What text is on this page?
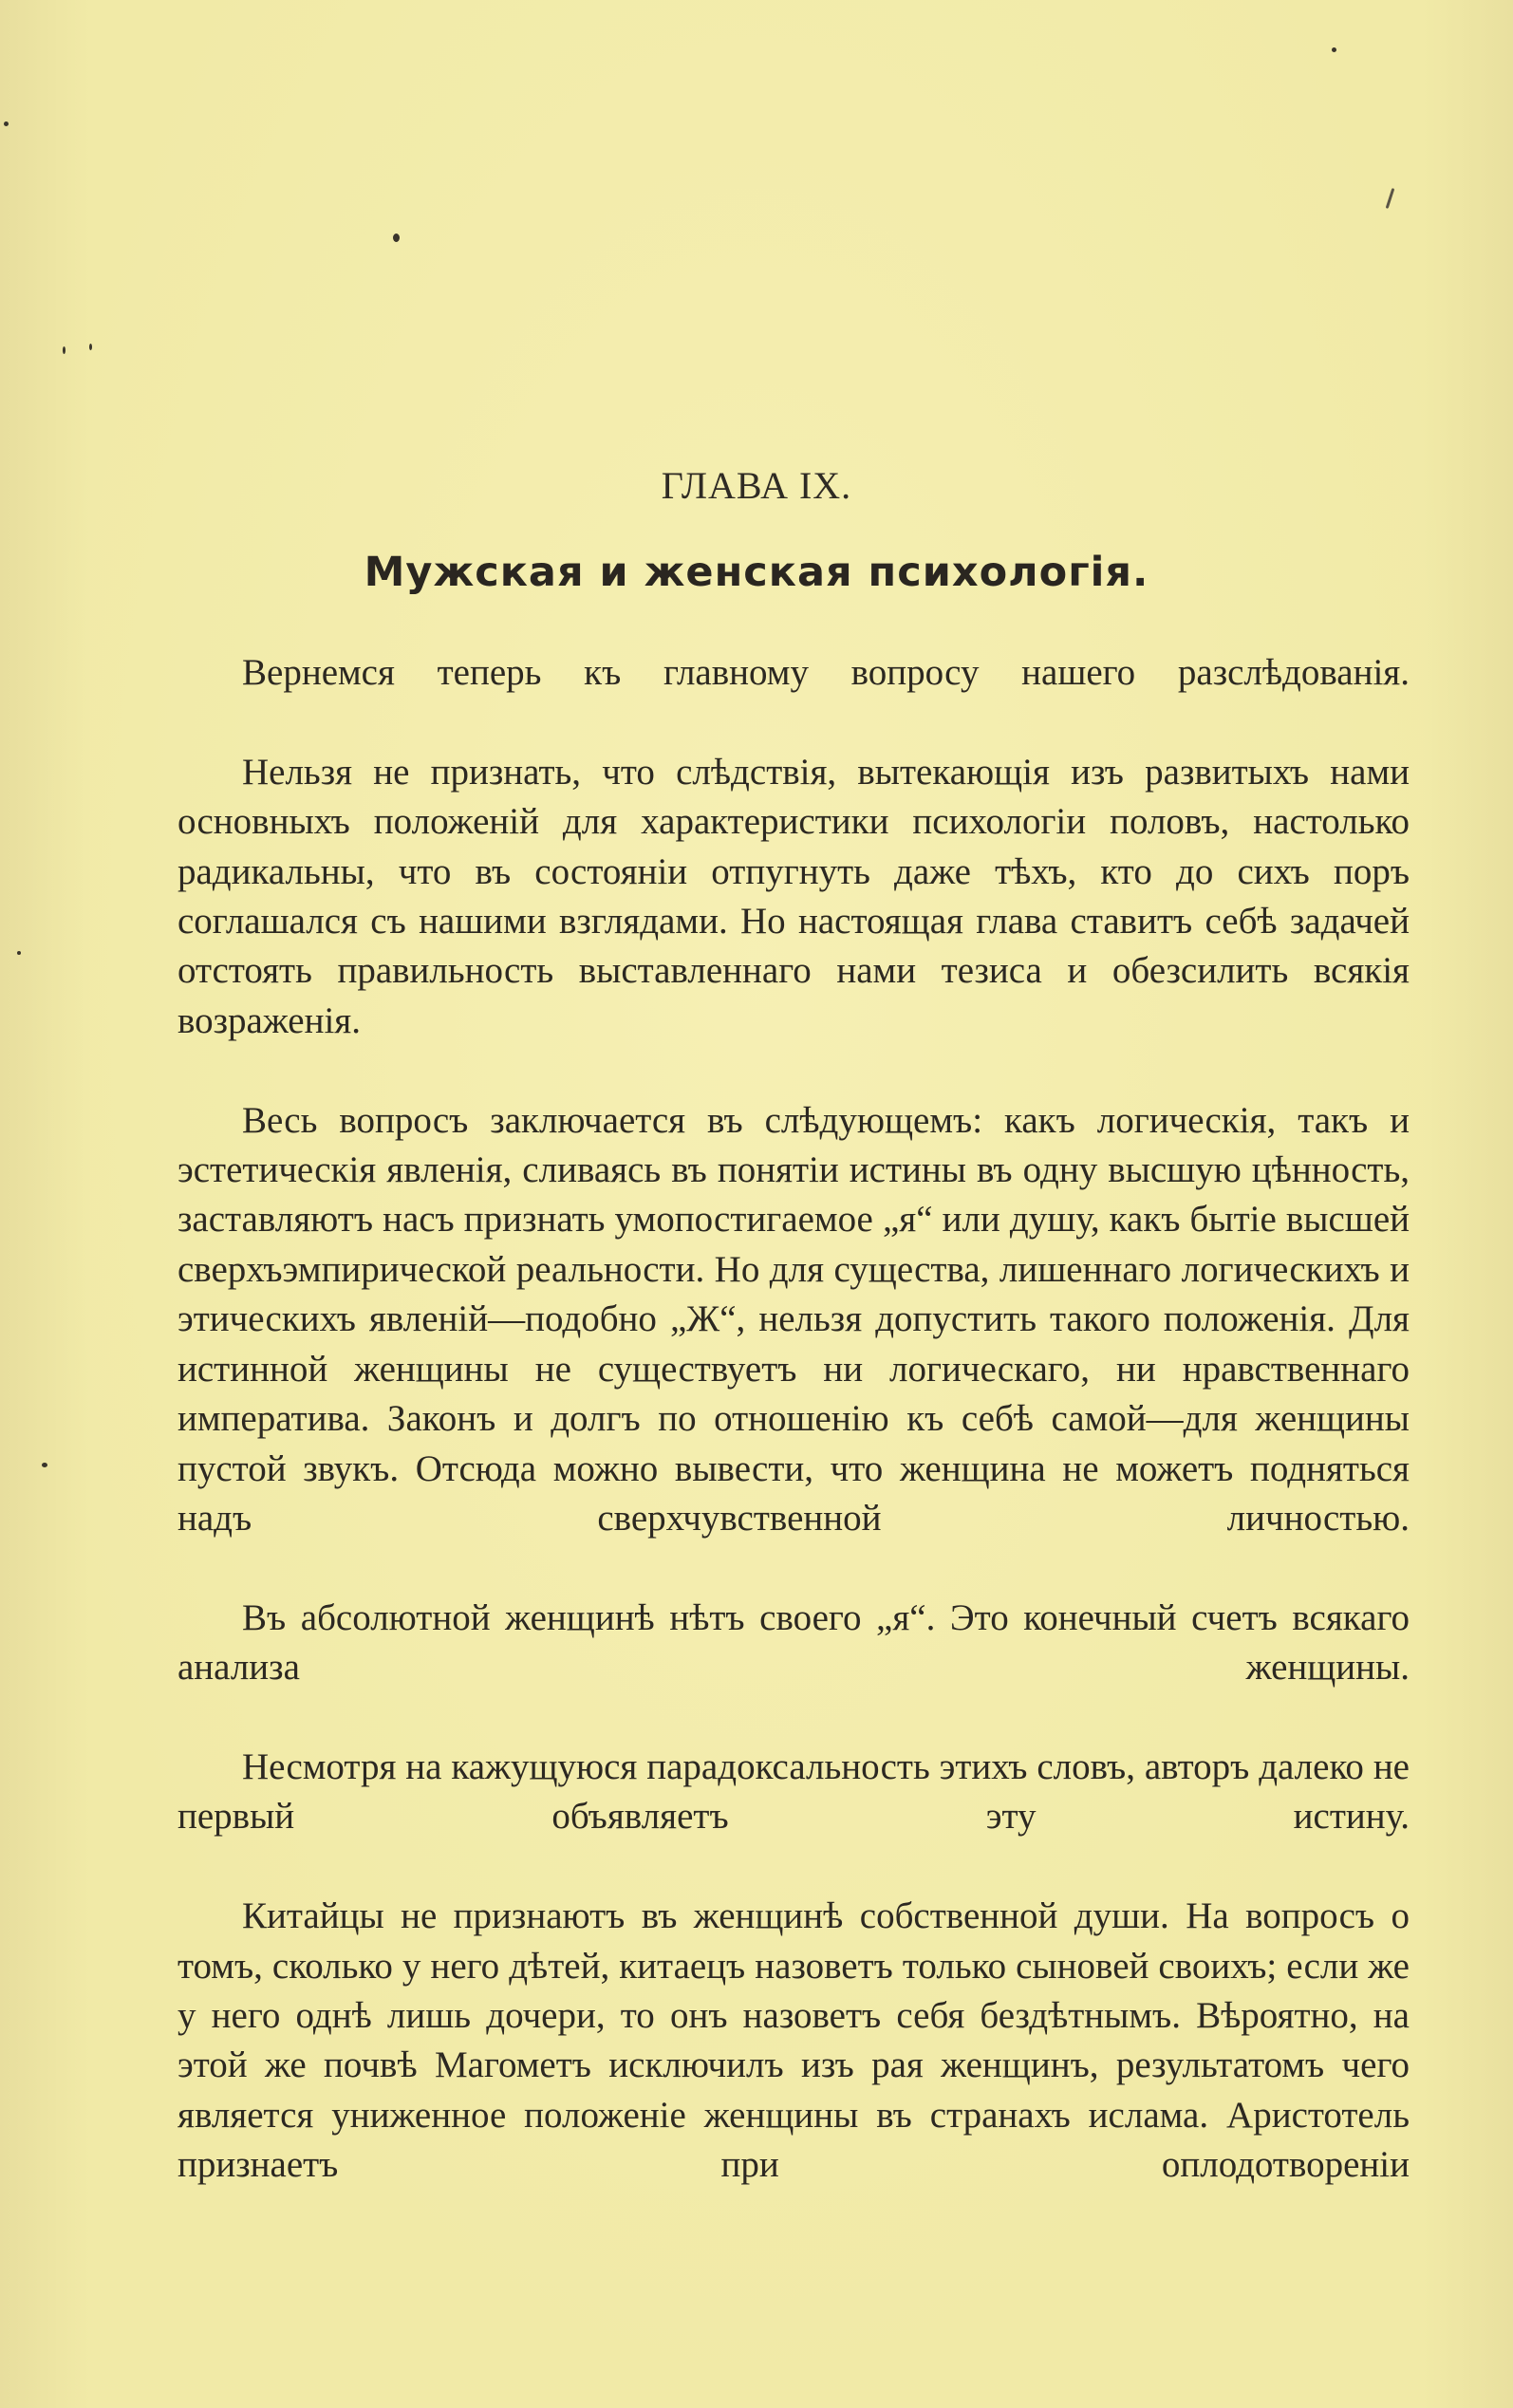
ГЛАВА IX.
Мужская и женская психологія.

Вернемся теперь къ главному вопросу нашего разслѣдованія.

Нельзя не признать, что слѣдствія, вытекающія изъ развитыхъ нами основныхъ положеній для характеристики психологіи половъ, настолько радикальны, что въ состояніи отпугнуть даже тѣхъ, кто до сихъ поръ соглашался съ нашими взглядами. Но настоящая глава ставитъ себѣ задачей отстоять правильность выставленнаго нами тезиса и обезсилить всякія возраженія.

Весь вопросъ заключается въ слѣдующемъ: какъ логическія, такъ и эстетическія явленія, сливаясь въ понятіи истины въ одну высшую цѣнность, заставляютъ насъ признать умопостигаемое „я“ или душу, какъ бытіе высшей сверхъэмпирической реальности. Но для существа, лишеннаго логическихъ и этическихъ явленій—подобно „Ж“, нельзя допустить такого положенія. Для истинной женщины не существуетъ ни логическаго, ни нравственнаго императива. Законъ и долгъ по отношенію къ себѣ самой—для женщины пустой звукъ. Отсюда можно вывести, что женщина не можетъ подняться надъ сверхчувственной личностью.

Въ абсолютной женщинѣ нѣтъ своего „я“. Это конечный счетъ всякаго анализа женщины.

Несмотря на кажущуюся парадоксальность этихъ словъ, авторъ далеко не первый объявляетъ эту истину.

Китайцы не признаютъ въ женщинѣ собственной души. На вопросъ о томъ, сколько у него дѣтей, китаецъ назоветъ только сыновей своихъ; если же у него однѣ лишь дочери, то онъ назоветъ себя бездѣтнымъ. Вѣроятно, на этой же почвѣ Магометъ исключилъ изъ рая женщинъ, результатомъ чего является униженное положеніе женщины въ странахъ ислама. Аристотель признаетъ при оплодотвореніи
